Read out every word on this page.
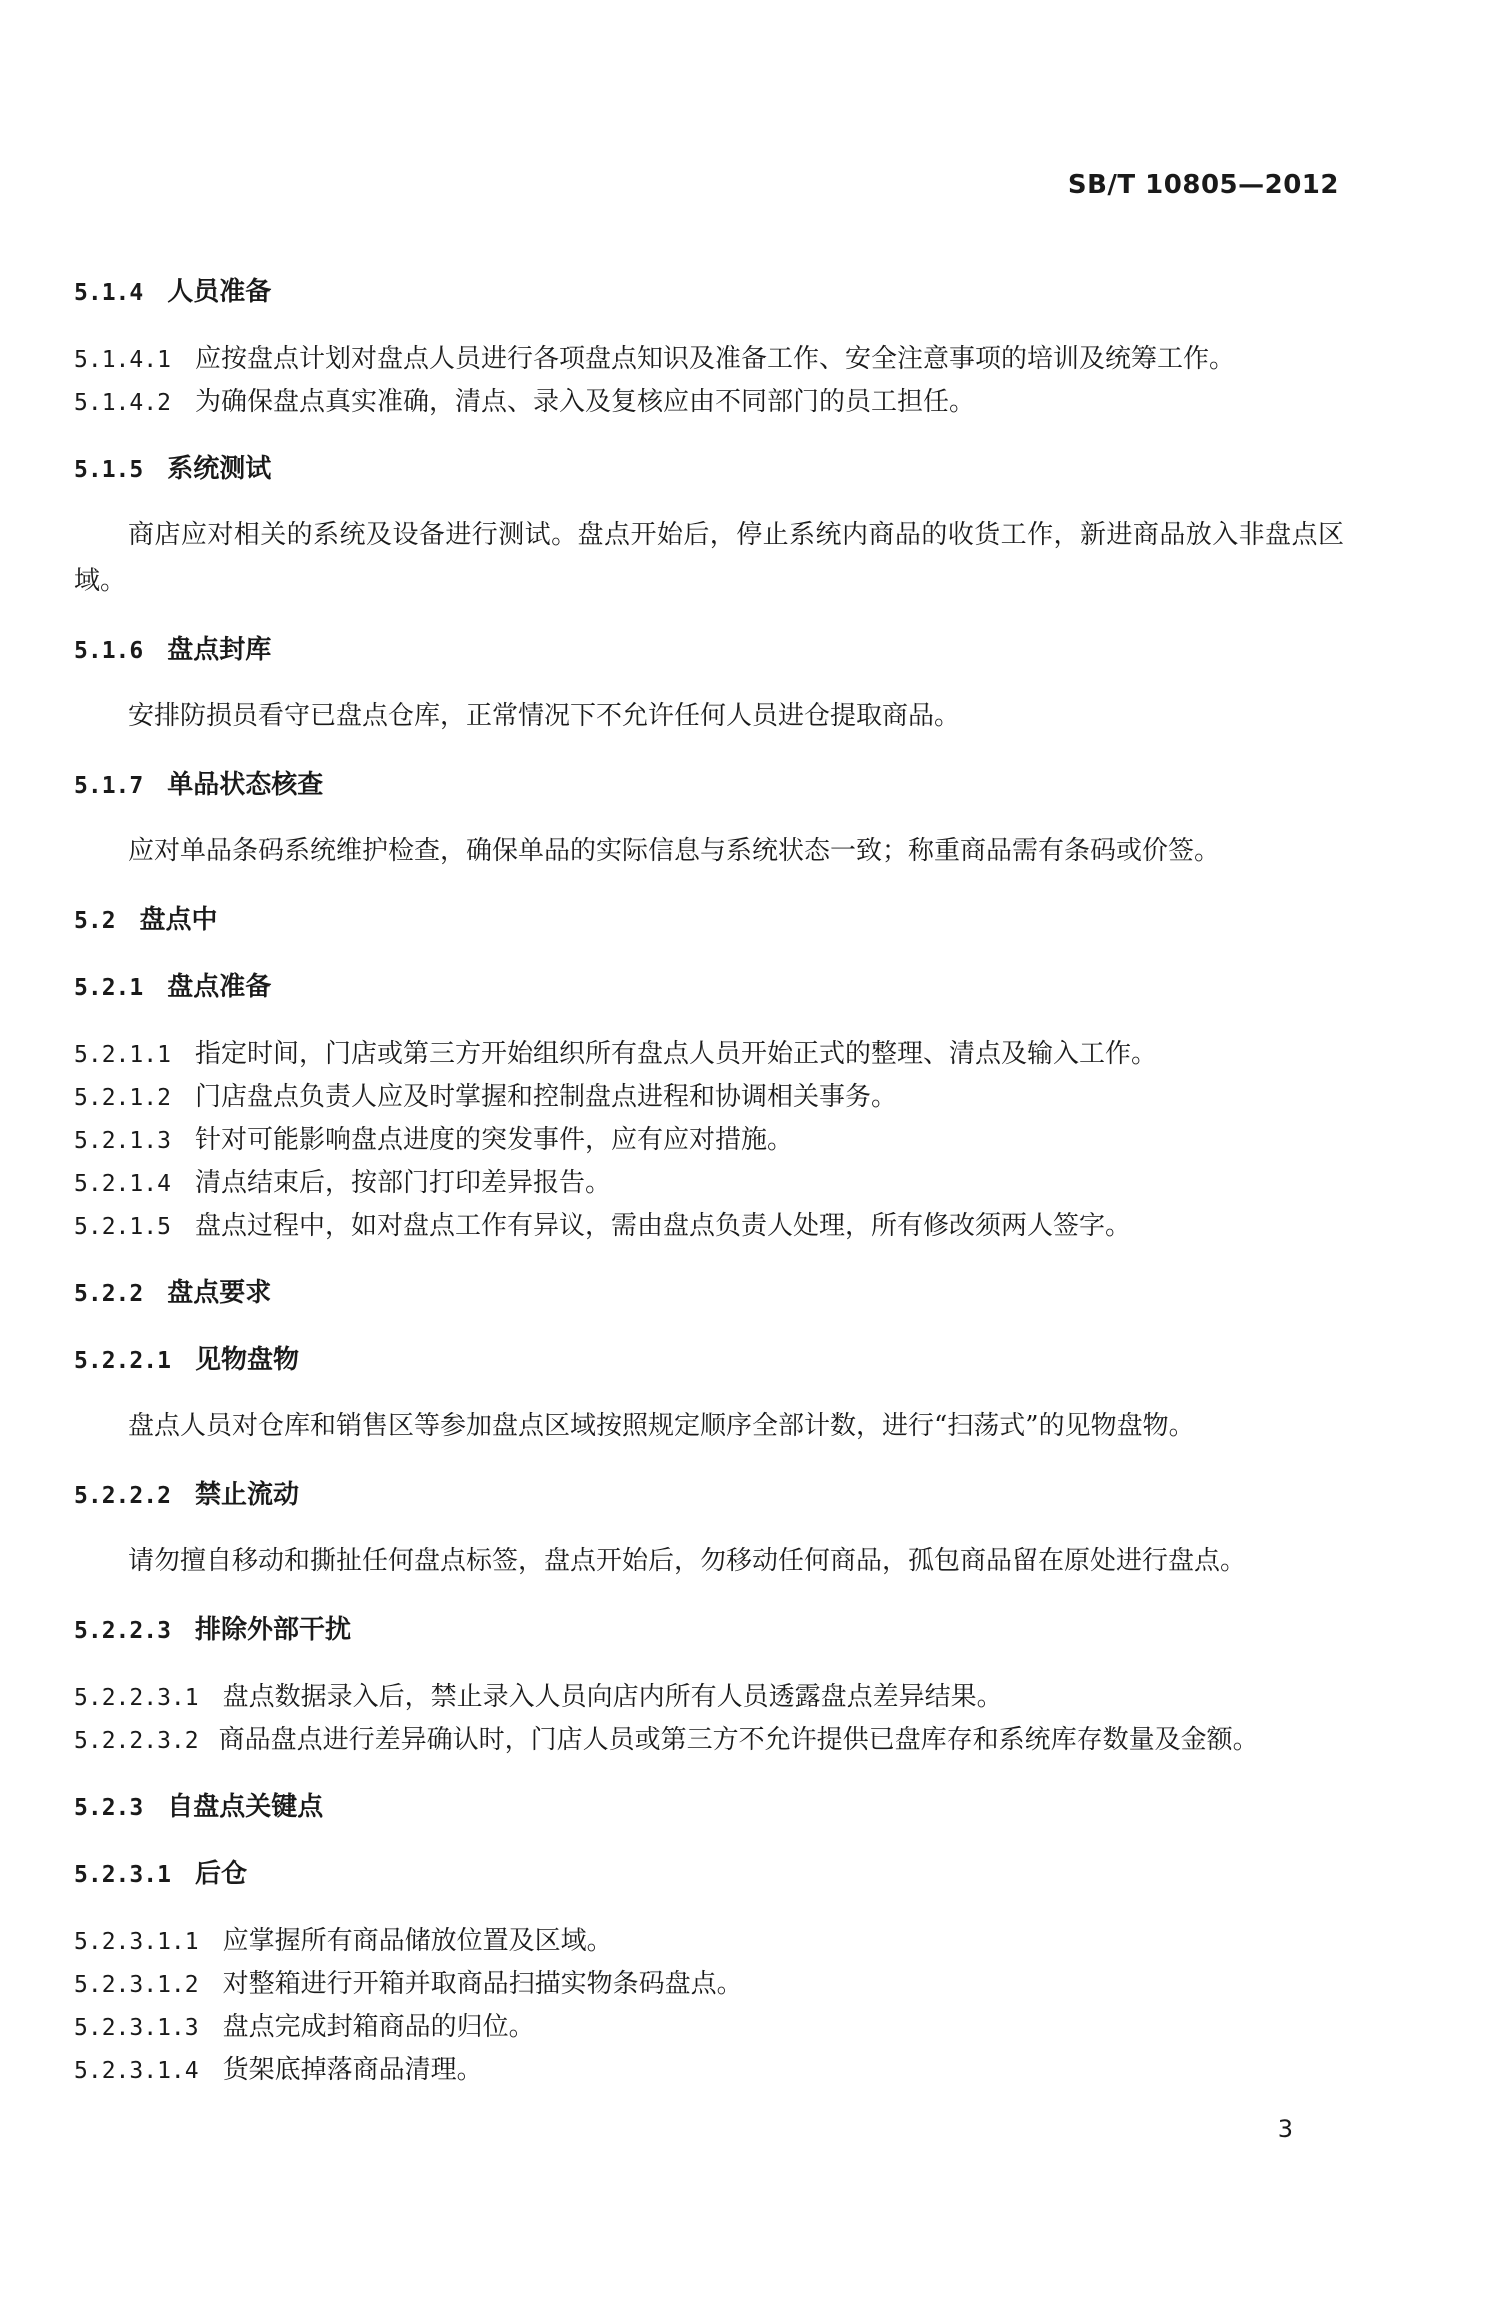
SB/T 10805—2012
5.1.4 人员准备
5.1.4.1 应按盘点计划对盘点人员进行各项盘点知识及准备工作、安全注意事项的培训及统筹工作。
5.1.4.2 为确保盘点真实准确，清点、录入及复核应由不同部门的员工担任。
5.1.5 系统测试
商店应对相关的系统及设备进行测试。盘点开始后，停止系统内商品的收货工作，新进商品放入非盘点区域。
5.1.6 盘点封库
安排防损员看守已盘点仓库，正常情况下不允许任何人员进仓提取商品。
5.1.7 单品状态核查
应对单品条码系统维护检查，确保单品的实际信息与系统状态一致；称重商品需有条码或价签。
5.2 盘点中
5.2.1 盘点准备
5.2.1.1 指定时间，门店或第三方开始组织所有盘点人员开始正式的整理、清点及输入工作。
5.2.1.2 门店盘点负责人应及时掌握和控制盘点进程和协调相关事务。
5.2.1.3 针对可能影响盘点进度的突发事件，应有应对措施。
5.2.1.4 清点结束后，按部门打印差异报告。
5.2.1.5 盘点过程中，如对盘点工作有异议，需由盘点负责人处理，所有修改须两人签字。
5.2.2 盘点要求
5.2.2.1 见物盘物
盘点人员对仓库和销售区等参加盘点区域按照规定顺序全部计数，进行“扫荡式”的见物盘物。
5.2.2.2 禁止流动
请勿擅自移动和撕扯任何盘点标签，盘点开始后，勿移动任何商品，孤包商品留在原处进行盘点。
5.2.2.3 排除外部干扰
5.2.2.3.1 盘点数据录入后，禁止录入人员向店内所有人员透露盘点差异结果。
5.2.2.3.2 商品盘点进行差异确认时，门店人员或第三方不允许提供已盘库存和系统库存数量及金额。
5.2.3 自盘点关键点
5.2.3.1 后仓
5.2.3.1.1 应掌握所有商品储放位置及区域。
5.2.3.1.2 对整箱进行开箱并取商品扫描实物条码盘点。
5.2.3.1.3 盘点完成封箱商品的归位。
5.2.3.1.4 货架底掉落商品清理。
3
